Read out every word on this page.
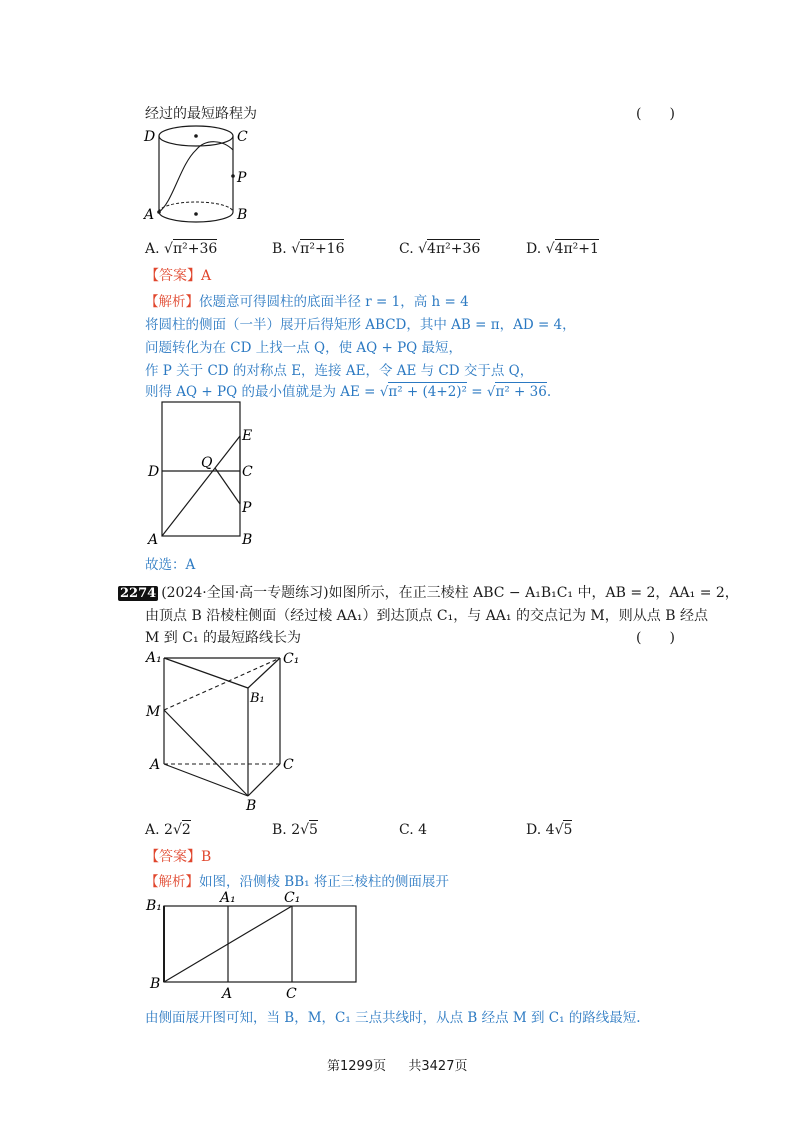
经过的最短路程为	(　　)
D	C
P
A	B
A. √π²+36	B. √π²+16	C. √4π²+36	D. √4π²+1
【答案】A
【解析】依题意可得圆柱的底面半径 r = 1，高 h = 4
将圆柱的侧面（一半）展开后得矩形 ABCD，其中 AB = π，AD = 4，
问题转化为在 CD 上找一点 Q，使 AQ + PQ 最短，
作 P 关于 CD 的对称点 E，连接 AE，令 AE 与 CD 交于点 Q，
则得 AQ + PQ 的最小值就是为 AE = √π² + (4+2)² = √π² + 36.
E
Q
D	C
P
A	B
故选：A
2274 (2024·全国·高一专题练习)如图所示，在正三棱柱 ABC − A₁B₁C₁ 中，AB = 2，AA₁ = 2，
由顶点 B 沿棱柱侧面（经过棱 AA₁）到达顶点 C₁，与 AA₁ 的交点记为 M，则从点 B 经点
M 到 C₁ 的最短路线长为	(　　)
A₁	C₁
B₁
M
A	C
B
A. 2√2	B. 2√5	C. 4	D. 4√5
【答案】B
【解析】如图，沿侧棱 BB₁ 将正三棱柱的侧面展开
B₁	A₁	C₁
B
A	C
由侧面展开图可知，当 B，M，C₁ 三点共线时，从点 B 经点 M 到 C₁ 的路线最短.
第1299页 共3427页
